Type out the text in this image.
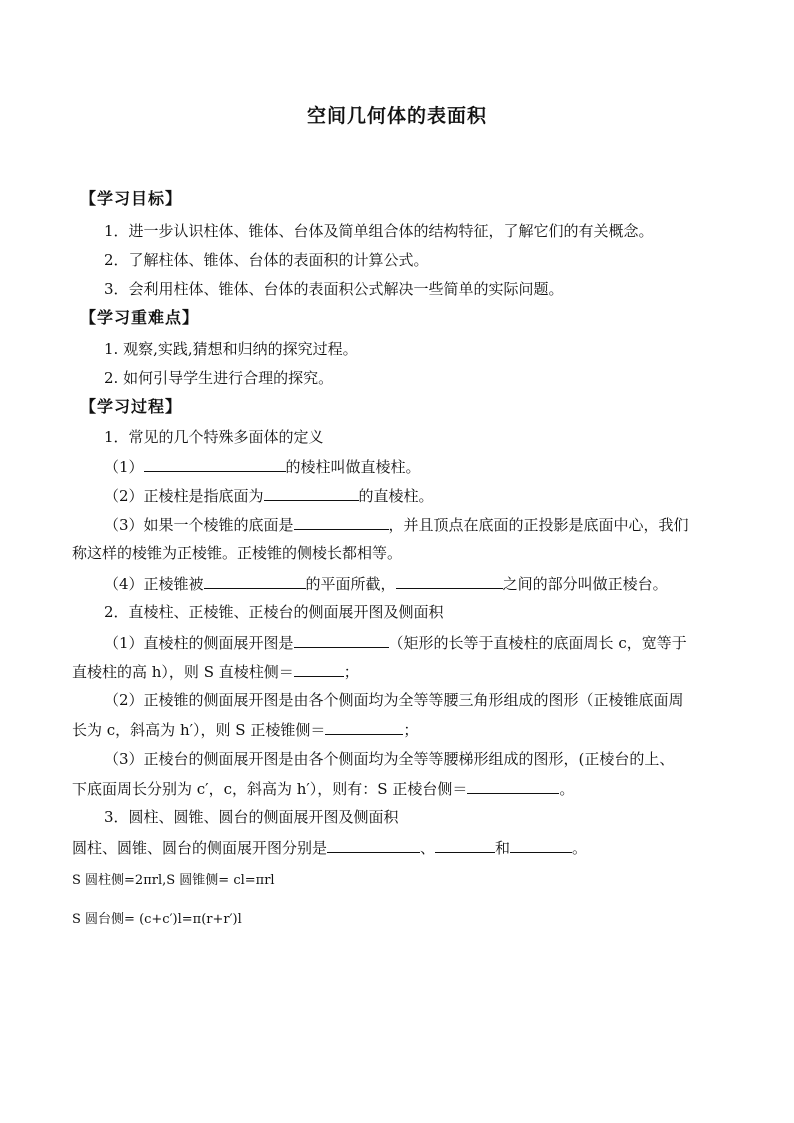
空间几何体的表面积
【学习目标】
1．进一步认识柱体、锥体、台体及简单组合体的结构特征，了解它们的有关概念。
2．了解柱体、锥体、台体的表面积的计算公式。
3．会利用柱体、锥体、台体的表面积公式解决一些简单的实际问题。
【学习重难点】
1. 观察,实践,猜想和归纳的探究过程。
2. 如何引导学生进行合理的探究。
【学习过程】
1．常见的几个特殊多面体的定义
（1）	的棱柱叫做直棱柱。
（2）正棱柱是指底面为	的直棱柱。
（3）如果一个棱锥的底面是	，并且顶点在底面的正投影是底面中心，我们
称这样的棱锥为正棱锥。正棱锥的侧棱长都相等。
（4）正棱锥被	的平面所截，	之间的部分叫做正棱台。
2．直棱柱、正棱锥、正棱台的侧面展开图及侧面积
（1）直棱柱的侧面展开图是	（矩形的长等于直棱柱的底面周长 c，宽等于
直棱柱的高 h），则 S 直棱柱侧＝	；
（2）正棱锥的侧面展开图是由各个侧面均为全等等腰三角形组成的图形（正棱锥底面周
长为 c，斜高为 h′），则 S 正棱锥侧＝	；
（3）正棱台的侧面展开图是由各个侧面均为全等等腰梯形组成的图形，(正棱台的上、
下底面周长分别为 c′，c，斜高为 h′），则有：S 正棱台侧＝	。
3．圆柱、圆锥、圆台的侧面展开图及侧面积
圆柱、圆锥、圆台的侧面展开图分别是	、	和	。
S 圆柱侧=2πrl,S 圆锥侧= cl=πrl
S 圆台侧= (c+c′)l=π(r+r′)l
